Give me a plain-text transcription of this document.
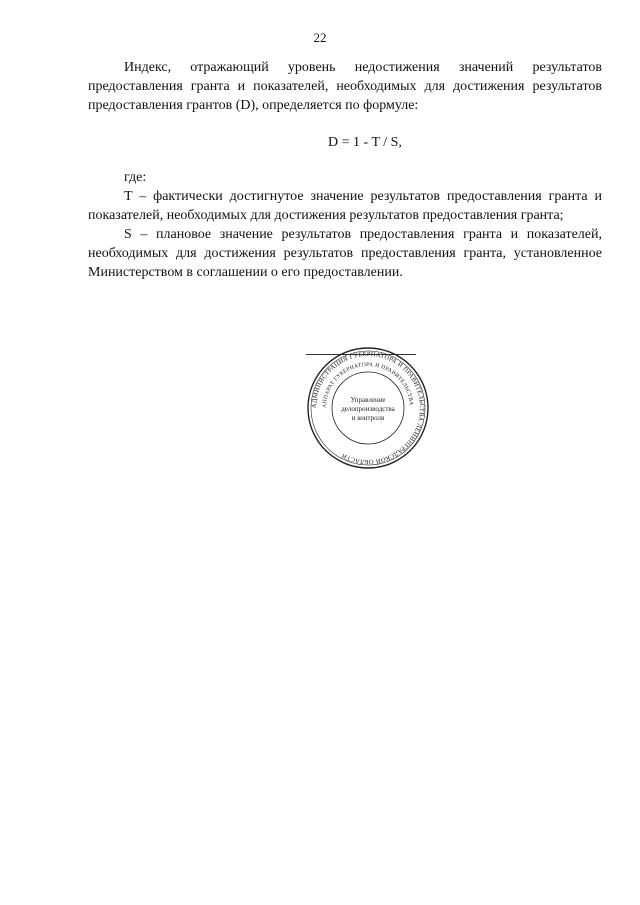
22

Индекс, отражающий уровень недостижения значений результатов предоставления гранта и показателей, необходимых для достижения результатов предоставления грантов (D), определяется по формуле:

D = 1 - T / S,

где:

T – фактически достигнутое значение результатов предоставления гранта и показателей, необходимых для достижения результатов предоставления гранта;

S – плановое значение результатов предоставления гранта и показателей, необходимых для достижения результатов предоставления гранта, установленное Министерством в соглашении о его предоставлении.

АДМИНИСТРАЦИЯ ГУБЕРНАТОРА И ПРАВИТЕЛЬСТВА ЛЕНИНГРАДСКОЙ ОБЛАСТИ
АППАРАТ ГУБЕРНАТОРА И ПРАВИТЕЛЬСТВА
Управление
делопроизводства
и контроля
